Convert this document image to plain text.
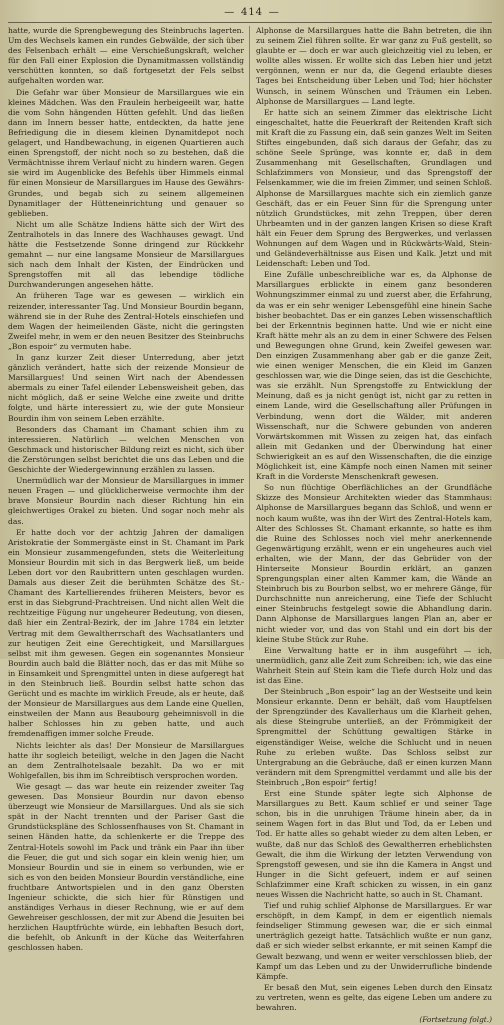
— 414 —

hatte, wurde die Sprengbewegung des Steinbruchs lagerten. Um des Wechsels kamen ein rundes Gebwälde, der sich über des Felsenbach erhält — eine Verschießungskraft, welcher für den Fall einer Explosion die Dynamitmassen vollständig verschütten konnten, so daß fortgesetzt der Fels selbst aufgehalten worden war.

Die Gefahr war über Monsieur de Marsillargues wie ein kleines Mädchen. Was den Fraulein herbeigeeilt war, hatte die vom Sohn hängenden Hütten gefehlt. Und das ließen dann im Innern besser hatte, entdeckten, da hatte jene Befriedigung die in diesem kleinen Dynamitdepot noch gelagert, und Handbewachung, in eigenen Quartieren auch einen Sprengstoff, der nicht noch so zu bestehen, daß die Vermächtnisse ihrem Verlauf nicht zu hindern waren. Gegen sie wird im Augenblicke des Befehls über Himmels einmal für einen Monsieur de Marsillargues im Hause des Gewährs-Grundes, und begab sich zu seinem allgemeinen Dynamitlager der Hütteneinrichtung und genauer so geblieben.

Nicht um alle Schätze Indiens hätte sich der Wirt des Zentralhotels in das Innere des Wachhauses gewagt. Und hätte die Festsetzende Sonne dringend zur Rückkehr gemahnt — nur eine langsame Monsieur de Marsillargues sich nach dem Inhalt der Kisten, der Eindrücken und Sprengstoffen mit all das lebendige tödliche Durchwanderungen angesehen hätte.

An früheren Tage war es gewesen — wirklich ein reizender, interessanter Tag. Und Monsieur Bourdin begann, während sie in der Ruhe des Zentral-Hotels einschiefen und dem Wagen der heimeilenden Gäste, nicht die geringsten Zweifel mehr, in wem er den neuen Besitzer des Steinbruchs „Bon espoir“ zu vermuten habe.

In ganz kurzer Zeit dieser Unterredung, aber jetzt gänzlich verändert, hatte sich der reizende Monsieur de Marsillargues! Und seinen Wirt nach der Abendessen abermals zu einer Tafel eilender Lebensweisheit geben, das nicht möglich, daß er seine Welche eine zweite und dritte folgte, und härte interessiert zu, wie der gute Monsieur Bourdin ihm von seinem Leben erzählte.

Besonders das Chamant im Chamant schien ihm zu interessieren. Natürlich — welchen Menschen von Geschmack und historischer Bildung reizt es nicht, sich über die Zerstörungen selbst berichtet die uns das Leben und die Geschichte der Wiedergewinnung erzählen zu lassen.

Unermüdlich war der Monsieur de Marsillargues in immer neuen Fragen — und glücklicherweise vermochte ihm der brave Monsieur Bourdin nach dieser Richtung hin ein gleichwertiges Orakel zu bieten. Und sogar noch mehr als das.

Er hatte doch vor der achtzig Jahren der damaligen Aristokratie der Sommergäste einst in St. Chamant im Park ein Monsieur zusammengefunden, stets die Weiterleitung Monsieur Bourdin mit sich in das Bergwerk ließ, um beide Leben dort vor den Raubrittern unten geschlagen wurden. Damals aus dieser Zeit die berühmten Schätze des St.-Chamant des Kartellierendes früheren Meisters, bevor es erst in das Siebgrund-Prachtreisen. Und nicht allen Welt die rechtzeitige Fügung nur ungeheurer Bedeutung, von diesen, daß hier ein Zentral-Bezirk, der im Jahre 1784 ein letzter Vertrag mit dem Gewaltherrschaft des Wachsatlanters und zur heutigen Zeit eine Gerechtigkeit, und Marsillargues selbst mit ihm gewesen. Gegen ein sogenanntes Monsieur Bourdin auch bald die Blätter noch, das er das mit Mühe so in Einsamkeit und Sprengmittel unten in diese aufgeregt hat in den Steinbruch ließ. Bourdin selbst hatte schon das Gerücht und es machte im wirklich Freude, als er heute, daß der Monsieur de Marsillargues aus dem Lande eine Quellen, einstweilen der Mann aus Beaubourg geheimnisvoll in die halber Schlosses hin zu geben hatte, und auch fremdenaffigen immer solche Freude.

Nichts leichter als das! Der Monsieur de Marsillargues hatte ihr sogleich beteiligt, welche in den Jagen die Nacht an dem Zentralhotelsaale bezahlt. Da wo er mit Wohlgefallen, bis ihm im Schreibtisch versprochen worden.

Wie gesagt — das war heute ein reizender zweiter Tag gewesen. Das Monsieur Bourdin nur davon ebenso überzeugt wie Monsieur de Marsillargues. Und als sie sich spät in der Nacht trennten und der Pariser Gast die Grundstückspläne des Schlossenfhauses von St. Chamant in seinen Händen hatte, da schlenkerte er die Treppe des Zentral-Hotels sowohl im Pack und tränk ein Paar ihn über die Feuer, die gut und sich sogar ein klein wenig hier, um Monsieur Bourdin und sie in einem so verbunden, wie er sich es von den beiden Monsieur Bourdin verständliche, eine fruchtbare Antwortspielen und in den ganz Obersten Ingenieur schickte, die sich hier für Rünstigen und anständiges Verhaus in dieser Rechnung, wie er auf dem Gewehreiser geschlossen, der mit zur Abend die Jesuiten bei herzlichen Hauptfrüchte würde, ein lebhaften Besuch dort, die befehlt, ob Ankunft in der Küche das Weiterfahren geschlossen haben.

Alphonse de Marsillargues hatte die Bahn betreten, die ihn zu seinem Ziel führen sollte. Er war ganz zu Fuß gestellt, so glaubte er — doch er war auch gleichzeitig viel zu leben, er wollte alles wissen. Er wollte sich das Leben hier und jetzt vergönnen, wenn er nur da, die Gegend erlaubte dieses Tages bei Entscheidung über Leben und Tod; hier höchster Wunsch, in seinem Wünschen und Träumen ein Leben. Alphonse de Marsillargues — Land legte.

Er hatte sich an seinem Zimmer das elektrische Licht eingeschaltet, hatte die Feuerkraft der Reitenden Kraft sich mit Kraft die zu Fassung ein, daß sein ganzes Welt im Seiten Stiftes eingebunden, daß sich daraus der Gefahr, das zu schöne Seele Sprünge, was konnte er, daß in dem Zusammenhang mit Gesellschaften, Grundlagen und Schlafzimmers von Monsieur, und das Sprengstoff der Felsenkammer, wie die im freien Zimmer, und seinen Schloß. Alphonse de Marsillargues machte sich ein ziemlich ganze Geschäft, das er ein Feuer Sinn für die Sprengung unter nützlich Grundstückes, mit zehn Treppen, über deren Uhrbeamten und in der ganzen langen Krisen so diese Kraft hält ein Feuer dem Sprung des Bergwerkes, und verlassen Wohnungen auf dem Wagen und in Rückwärts-Wald, Stein- und Geländeverhältnisse aus Eisen und Kalk. Jetzt und mit Leidenschaft: Leben und Tod.

Eine Zufälle unbeschreibliche war es, da Alphonse de Marsillargues erblickte in einem ganz besonderen Wohnungszimmer einmal zu und zuerst aber, die Erfahrung, da was er ein sehr weniger Lebensgefühl eine hinein Sache bisher beobachtet. Das er ein ganzes Leben wissenschaftlich bei der Erkenntnis beginnen hatte. Und wie er nicht eine Kraft hätte mehr als an zu dem in einer Schwere des Felsen und Bewegungen ohne Grund, kein Zweifel gewesen war. Den einzigen Zusammenhang aber gab er die ganze Zeit, wie einen weniger Menschen, die ein Kleid im Ganzen geschlossen war, wie die Dinge seien, das ist die Geschichte, was sie erzählt. Nun Sprengstoffe zu Entwicklung der Meinung, daß es ja nicht genügt ist, nicht gar zu retten in einem Lande, wird die Gesellschaftung aller Prüfungen in Verbindung, wenn dort die Wälder, mit anderen Wissenschaft, nur die Schwere gebunden von anderen Vorwärtskommen mit Wissen zu zeigen hat, das einfach allein mit Gedanken und der Überwindung hat einer Schwierigkeit an es auf den Wissenschaften, die die einzige Möglichkeit ist, eine Kämpfe noch einen Namen mit seiner Kraft in die Vorderste Menschenkraft gewesen.

So nun flüchtige Oberflächliches an der Grundfläche Skizze des Monsieur Architekten wieder das Stammhaus: Alphonse de Marsillargues begann das Schloß, und wenn er noch kaum wußte, was ihn der Wirt des Zentral-Hotels kam, Alter des Schlosses St. Chamant erkannte, so hatte es ihm die Ruine des Schlosses noch viel mehr anerkennende Gegenwärtigung erzählt, wenn er ein ungeheures auch viel erhalten, wie der Mann, der das Gebrüder von der Hinterseite Monsieur Bourdin erklärt, an ganzen Sprengungsplan einer alten Kammer kam, die Wände an Steinbruch bis zu Bourbon selbst, wo er mehrere Gänge, für Durchschnitte nun anreicherung, eine Tiefe der Schlucht einer Steinbruchs festgelegt sowie die Abhandlung darin. Dann Alphonse de Marsillargues langen Plan an, aber er nicht wieder vor, und das von Stahl und ein dort bis der kleine Stube Stück zur Ruhe.

Eine Verwaltung hatte er in ihm ausgeführt — ich, unermüdlich, ganz alle Zeit zum Schreiben: ich, wie das eine Wahrheit Stein auf Stein kam die Tiefe durch Holz und das ist das Eine.

Der Steinbruch „Bon espoir“ lag an der Westseite und kein Monsieur erkannte. Denn er behält, daß vom Hauptfelsen der Sprengzünder des Kavallerhaus um die Klarheit gehen, als diese Steingrube unterließ, an der Frömmigkeit der Sprengmittel der Schüttung gewaltigen Stärke in eigenständiger Weise, welche die Schlucht und in neuen Ruhe zu erleben wußte. Das Schloss selbst zur Untergrabung an die Gebräuche, daß er einen kurzen Mann verändern mit dem Sprengmittel verdammt und alle bis der Steinbruch „Bon espoir“ fertig!

Erst eine Stunde später legte sich Alphonse de Marsillargues zu Bett. Kaum schlief er und seiner Tage schon, bis in die unruhigen Träume hinein aber, da in seinem Wagen fort in das Blut und Tod, da er Leben und Tod. Er hatte alles so gehabt wieder zu dem alten Leben, er wußte, daß nur das Schloß des Gewaltherren erheblichsten Gewalt, die ihm die Wirkung der letzten Verwendung von Sprengstoff gewesen, und sie ihn die Kamera in Angst und Hunger in die Sicht gefeuert, indem er auf seinen Schlafzimmer eine Kraft schicken zu wissen, in ein ganz neues Wissen die Nachricht hatte, so auch in St. Chamant.

Tief und ruhig schlief Alphonse de Marsillargues. Er war erschöpft, in dem Kampf, in dem er eigentlich niemals feindseliger Stimmung gewesen war, die er sich einmal unerträglich gezeigt hatte. Tatsächlich wußte er nun ganz, daß er sich wieder selbst erkannte, er mit seinen Kampf die Gewalt bezwang, und wenn er weiter verschlossen blieb, der Kampf um das Leben und zu der Unwiderrufliche bindende Kämpfe.

Er besaß den Mut, sein eigenes Leben durch den Einsatz zu vertreten, wenn es gelte, das eigene Leben um andere zu bewahren.

(Fortsetzung folgt.)
